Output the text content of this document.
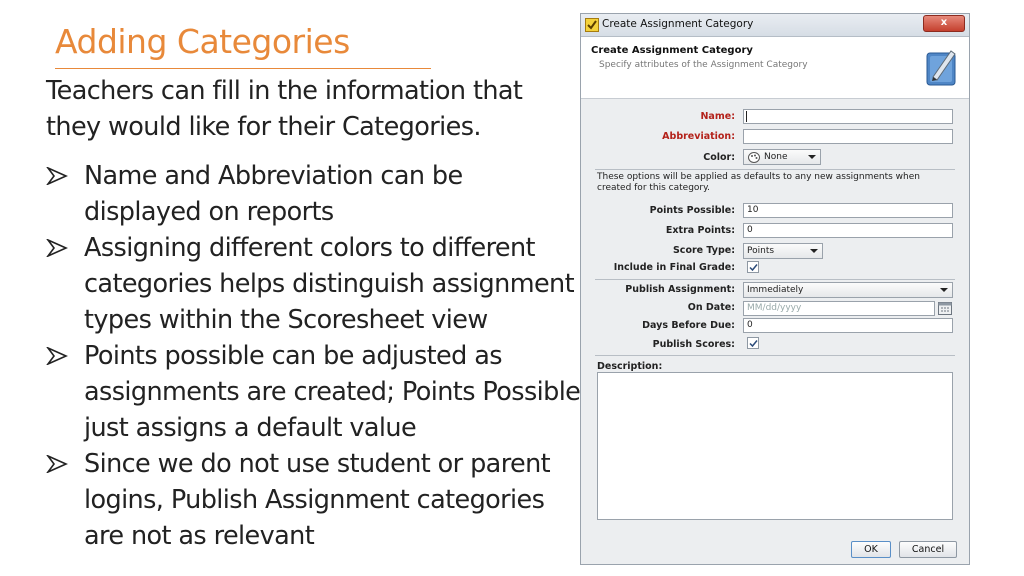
Adding Categories
Teachers can fill in the information that they would like for their Categories.
Name and Abbreviation can be displayed on reports
Assigning different colors to different categories helps distinguish assignment types within the Scoresheet view
Points possible can be adjusted as assignments are created; Points Possible just assigns a default value
Since we do not use student or parent logins, Publish Assignment categories are not as relevant
Create Assignment Category	x
Create Assignment Category
Specify attributes of the Assignment Category
Name:
Abbreviation:
Color:	None
These options will be applied as defaults to any new assignments when created for this category.
Points Possible:	10
Extra Points:	0
Score Type:	Points
Include in Final Grade:
Publish Assignment:	Immediately
On Date:	MM/dd/yyyy
Days Before Due:	0
Publish Scores:
Description:
OK	Cancel
